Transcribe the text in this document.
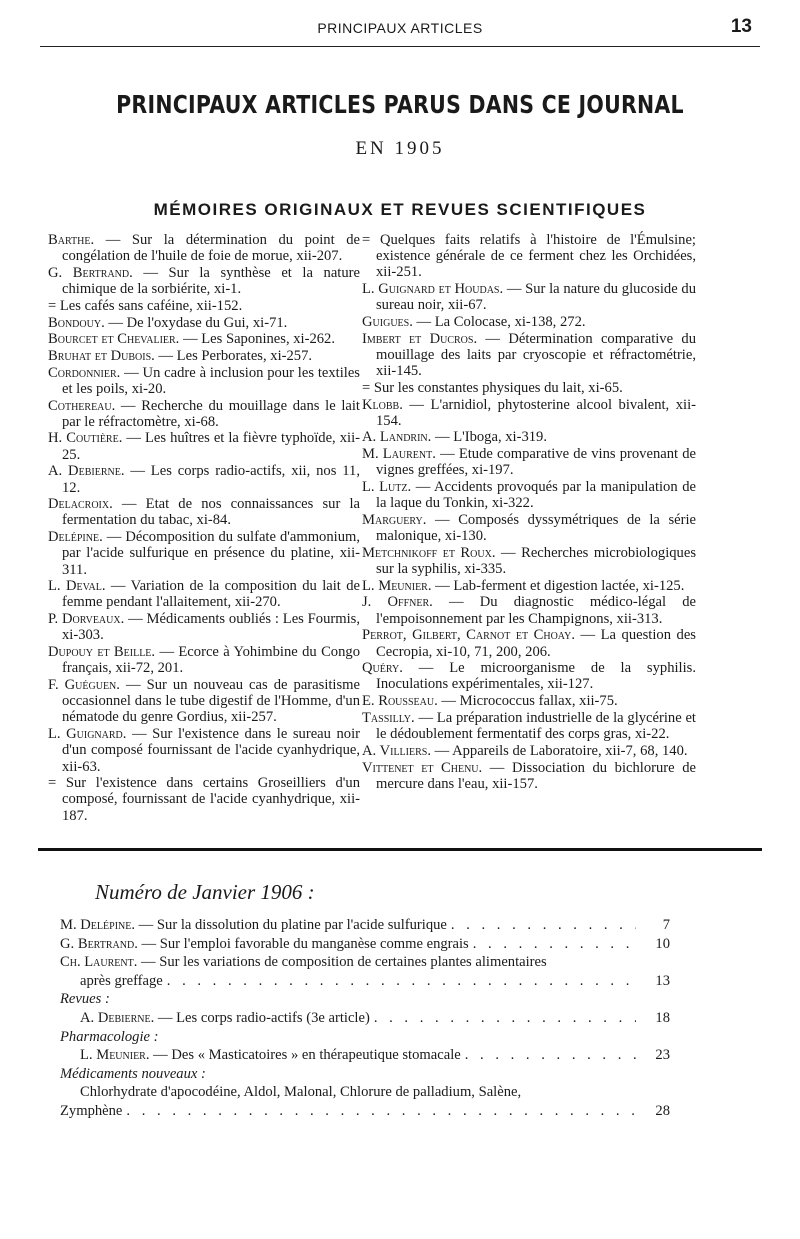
PRINCIPAUX ARTICLES	13
PRINCIPAUX ARTICLES PARUS DANS CE JOURNAL
EN 1905
MÉMOIRES ORIGINAUX ET REVUES SCIENTIFIQUES

Barthe. — Sur la détermination du point de congélation de l'huile de foie de morue, xii-207.

G. Bertrand. — Sur la synthèse et la nature chimique de la sorbiérite, xi-1.

= Les cafés sans caféine, xii-152.

Bondouy. — De l'oxydase du Gui, xi-71.

Bourcet et Chevalier. — Les Saponines, xi-262.

Bruhat et Dubois. — Les Perborates, xi-257.

Cordonnier. — Un cadre à inclusion pour les textiles et les poils, xi-20.

Cothereau. — Recherche du mouillage dans le lait par le réfractomètre, xi-68.

H. Coutière. — Les huîtres et la fièvre typhoïde, xii-25.

A. Debierne. — Les corps radio-actifs, xii, nos 11, 12.

Delacroix. — Etat de nos connaissances sur la fermentation du tabac, xi-84.

Delépine. — Décomposition du sulfate d'ammonium, par l'acide sulfurique en présence du platine, xii-311.

L. Deval. — Variation de la composition du lait de femme pendant l'allaitement, xii-270.

P. Dorveaux. — Médicaments oubliés : Les Fourmis, xi-303.

Dupouy et Beille. — Ecorce à Yohimbine du Congo français, xii-72, 201.

F. Guéguen. — Sur un nouveau cas de parasitisme occasionnel dans le tube digestif de l'Homme, d'un nématode du genre Gordius, xii-257.

L. Guignard. — Sur l'existence dans le sureau noir d'un composé fournissant de l'acide cyanhydrique, xii-63.

= Sur l'existence dans certains Groseilliers d'un composé, fournissant de l'acide cyanhydrique, xii-187.

= Quelques faits relatifs à l'histoire de l'Émulsine; existence générale de ce ferment chez les Orchidées, xii-251.

L. Guignard et Houdas. — Sur la nature du glucoside du sureau noir, xii-67.

Guigues. — La Colocase, xi-138, 272.

Imbert et Ducros. — Détermination comparative du mouillage des laits par cryoscopie et réfractométrie, xii-145.

= Sur les constantes physiques du lait, xi-65.

Klobb. — L'arnidiol, phytosterine alcool bivalent, xii-154.

A. Landrin. — L'Iboga, xi-319.

M. Laurent. — Etude comparative de vins provenant de vignes greffées, xi-197.

L. Lutz. — Accidents provoqués par la manipulation de la laque du Tonkin, xi-322.

Marguery. — Composés dyssymétriques de la série malonique, xi-130.

Metchnikoff et Roux. — Recherches microbiologiques sur la syphilis, xi-335.

L. Meunier. — Lab-ferment et digestion lactée, xi-125.

J. Offner. — Du diagnostic médico-légal de l'empoisonnement par les Champignons, xii-313.

Perrot, Gilbert, Carnot et Choay. — La question des Cecropia, xi-10, 71, 200, 206.

Quéry. — Le microorganisme de la syphilis. Inoculations expérimentales, xii-127.

E. Rousseau. — Micrococcus fallax, xii-75.

Tassilly. — La préparation industrielle de la glycérine et le dédoublement fermentatif des corps gras, xi-22.

A. Villiers. — Appareils de Laboratoire, xii-7, 68, 140.

Vittenet et Chenu. — Dissociation du bichlorure de mercure dans l'eau, xii-157.

Numéro de Janvier 1906 :
M. Delépine. — Sur la dissolution du platine par l'acide sulfurique . . .	7
G. Bertrand. — Sur l'emploi favorable du manganèse comme engrais . . .	10
Ch. Laurent. — Sur les variations de composition de certaines plantes alimentaires
après greffage . . .	13
Revues :
A. Debierne. — Les corps radio-actifs (3e article) . . .	18
Pharmacologie :
L. Meunier. — Des « Masticatoires » en thérapeutique stomacale . . .	23
Médicaments nouveaux :
Chlorhydrate d'apocodéine, Aldol, Malonal, Chlorure de palladium, Salène,
Zymphène . . .	28
